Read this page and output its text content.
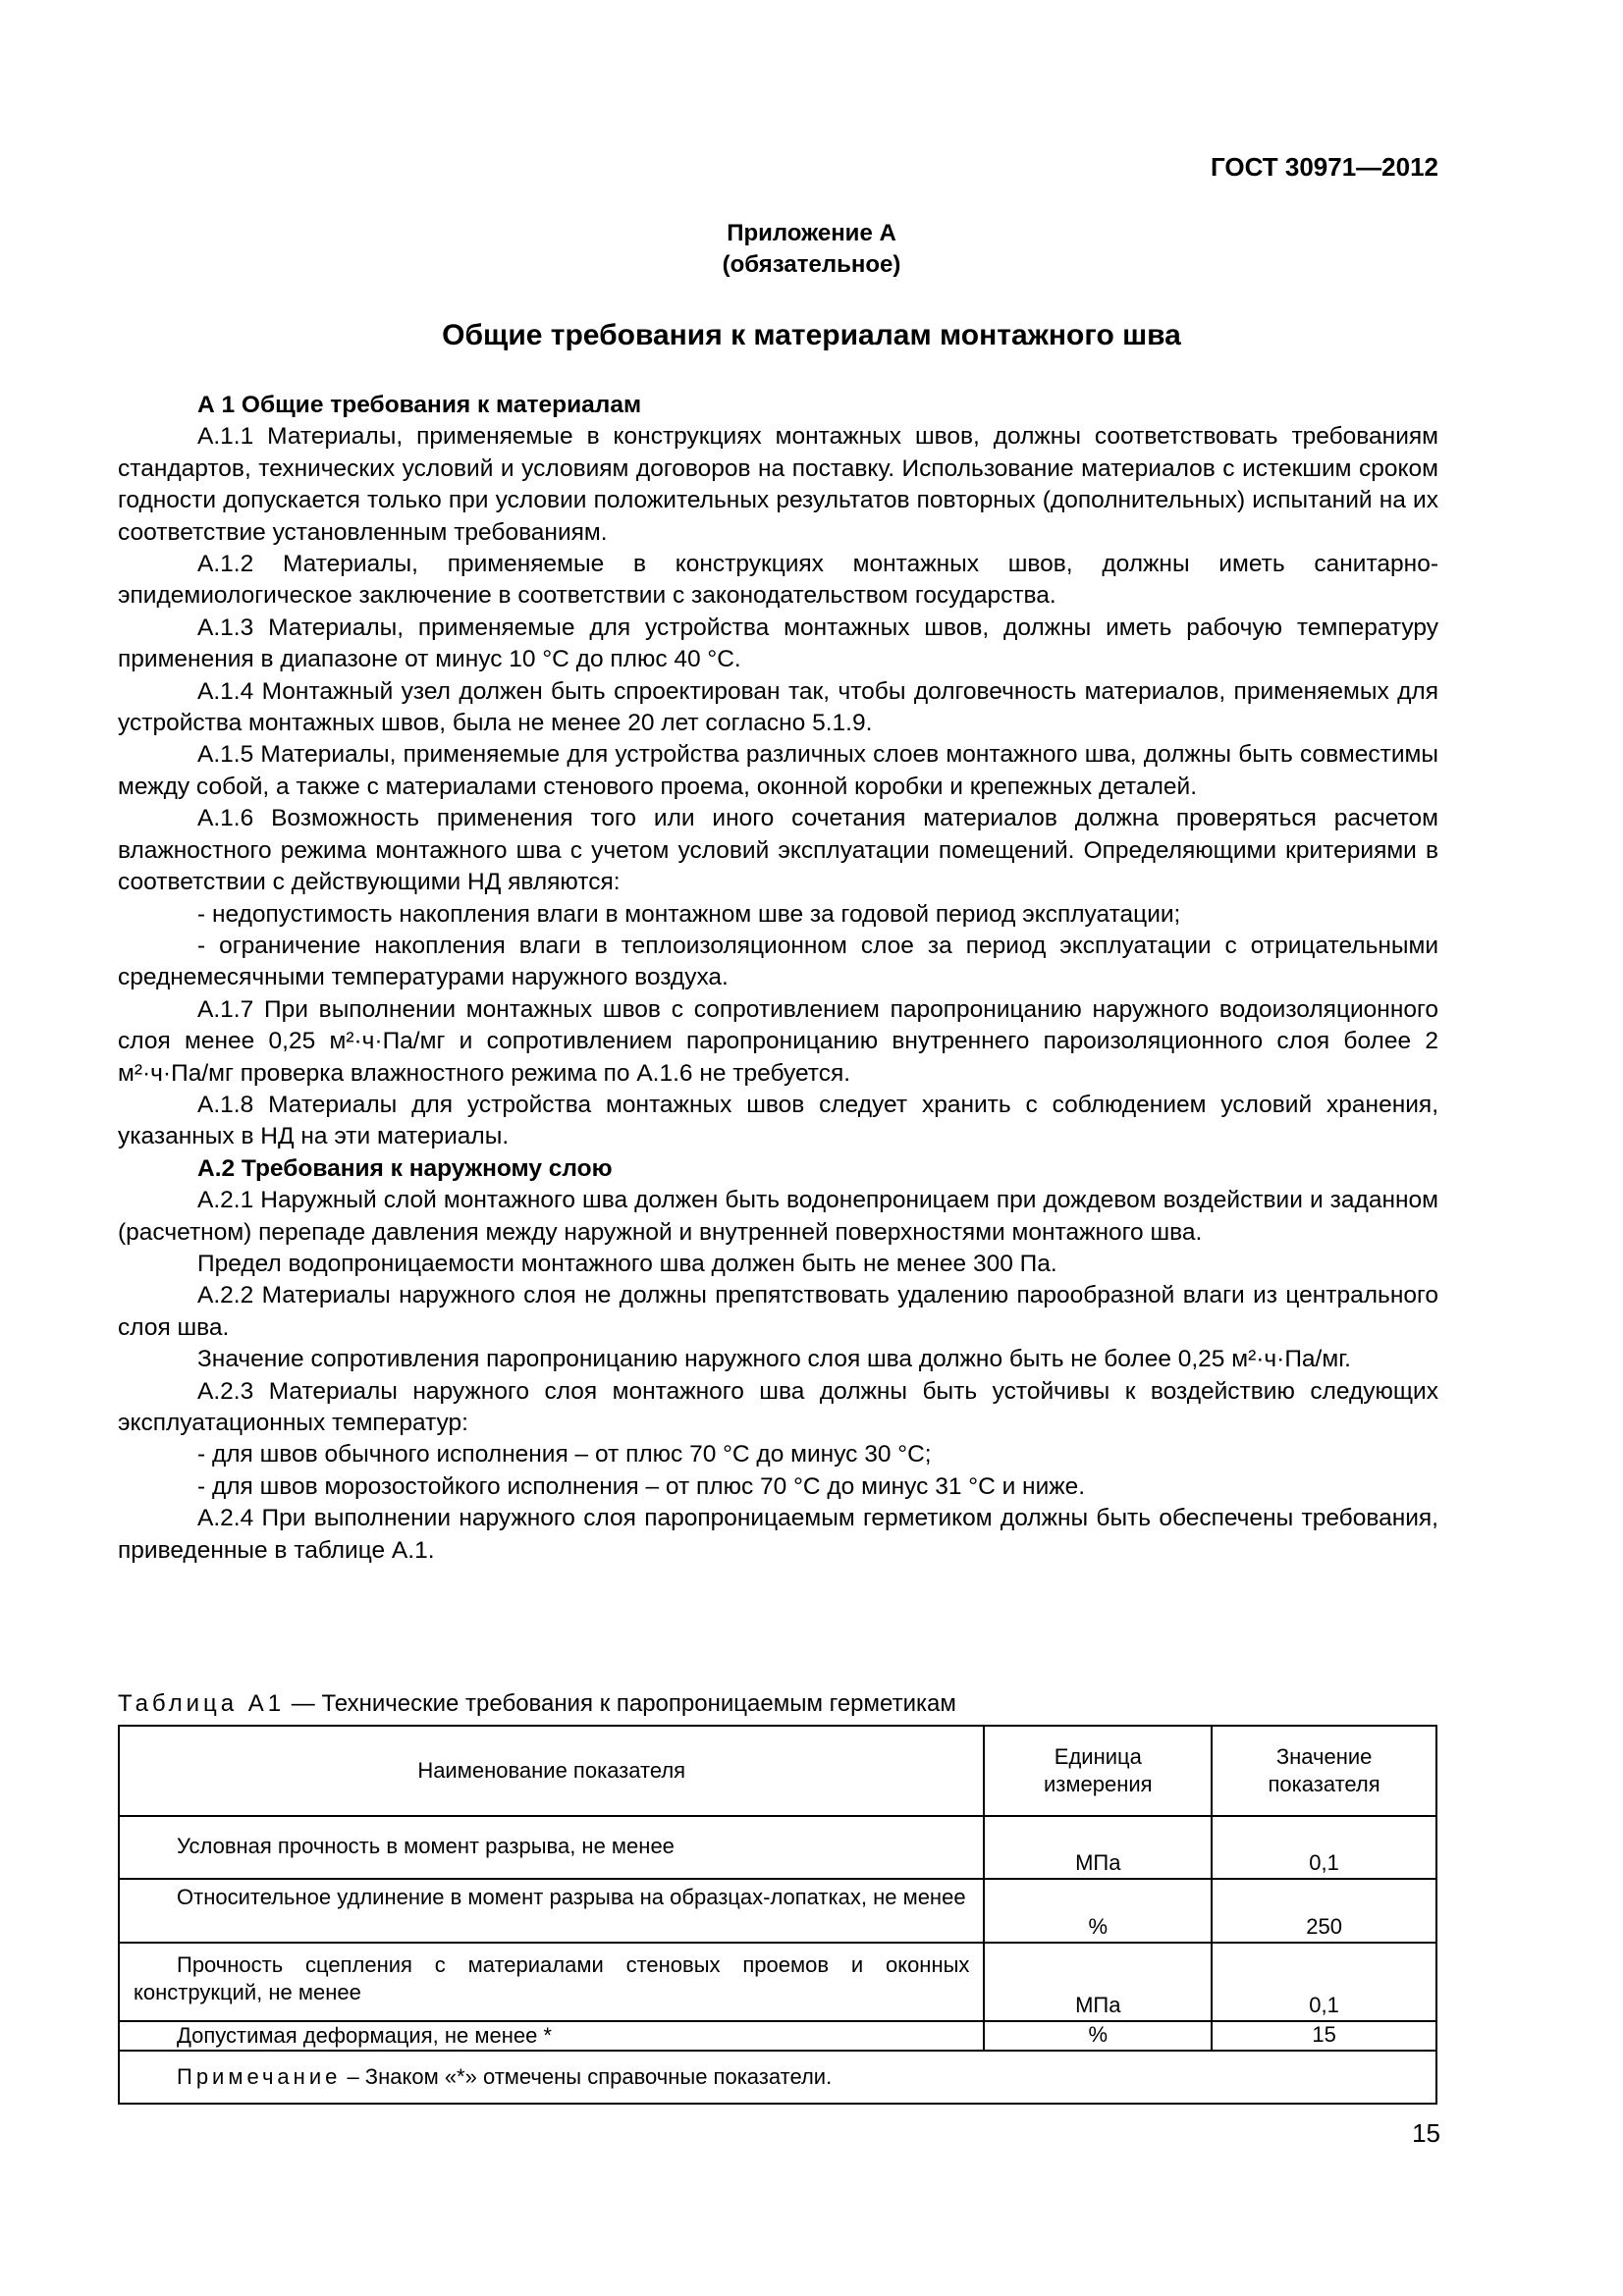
ГОСТ 30971—2012
Приложение А
(обязательное)
Общие требования к материалам монтажного шва

А 1 Общие требования к материалам

А.1.1 Материалы, применяемые в конструкциях монтажных швов, должны соответствовать требованиям стандартов, технических условий и условиям договоров на поставку. Использование материалов с истекшим сроком годности допускается только при условии положительных результатов повторных (дополнительных) испытаний на их соответствие установленным требованиям.

А.1.2 Материалы, применяемые в конструкциях монтажных швов, должны иметь санитарно-эпидемиологическое заключение в соответствии с законодательством государства.

А.1.3 Материалы, применяемые для устройства монтажных швов, должны иметь рабочую температуру применения в диапазоне от минус 10 °С до плюс 40 °С.

А.1.4 Монтажный узел должен быть спроектирован так, чтобы долговечность материалов, применяемых для устройства монтажных швов, была не менее 20 лет согласно 5.1.9.

А.1.5 Материалы, применяемые для устройства различных слоев монтажного шва, должны быть совместимы между собой, а также с материалами стенового проема, оконной коробки и крепежных деталей.

А.1.6 Возможность применения того или иного сочетания материалов должна проверяться расчетом влажностного режима монтажного шва с учетом условий эксплуатации помещений. Определяющими критериями в соответствии с действующими НД являются:

- недопустимость накопления влаги в монтажном шве за годовой период эксплуатации;

- ограничение накопления влаги в теплоизоляционном слое за период эксплуатации с отрицательными среднемесячными температурами наружного воздуха.

А.1.7 При выполнении монтажных швов с сопротивлением паропроницанию наружного водоизоляционного слоя менее 0,25 м²·ч·Па/мг и сопротивлением паропроницанию внутреннего пароизоляционного слоя более 2 м²·ч·Па/мг проверка влажностного режима по А.1.6 не требуется.

А.1.8 Материалы для устройства монтажных швов следует хранить с соблюдением условий хранения, указанных в НД на эти материалы.

А.2 Требования к наружному слою

А.2.1 Наружный слой монтажного шва должен быть водонепроницаем при дождевом воздействии и заданном (расчетном) перепаде давления между наружной и внутренней поверхностями монтажного шва.

Предел водопроницаемости монтажного шва должен быть не менее 300 Па.

А.2.2 Материалы наружного слоя не должны препятствовать удалению парообразной влаги из центрального слоя шва.

Значение сопротивления паропроницанию наружного слоя шва должно быть не более 0,25 м²·ч·Па/мг.

А.2.3 Материалы наружного слоя монтажного шва должны быть устойчивы к воздействию следующих эксплуатационных температур:

- для швов обычного исполнения – от плюс 70 °С до минус 30 °С;

- для швов морозостойкого исполнения – от плюс 70 °С до минус 31 °С и ниже.

А.2.4 При выполнении наружного слоя паропроницаемым герметиком должны быть обеспечены требования, приведенные в таблице А.1.

Таблица А1 — Технические требования к паропроницаемым герметикам
Наименование показателя	Единица измерения	Значение показателя
Условная прочность в момент разрыва, не менее	МПа	0,1
Относительное удлинение в момент разрыва на образцах-лопатках, не менее	%	250
Прочность сцепления с материалами стеновых проемов и оконных конструкций, не менее	МПа	0,1
Допустимая деформация, не менее *	%	15
Примечание – Знаком «*» отмечены справочные показатели.		
15
